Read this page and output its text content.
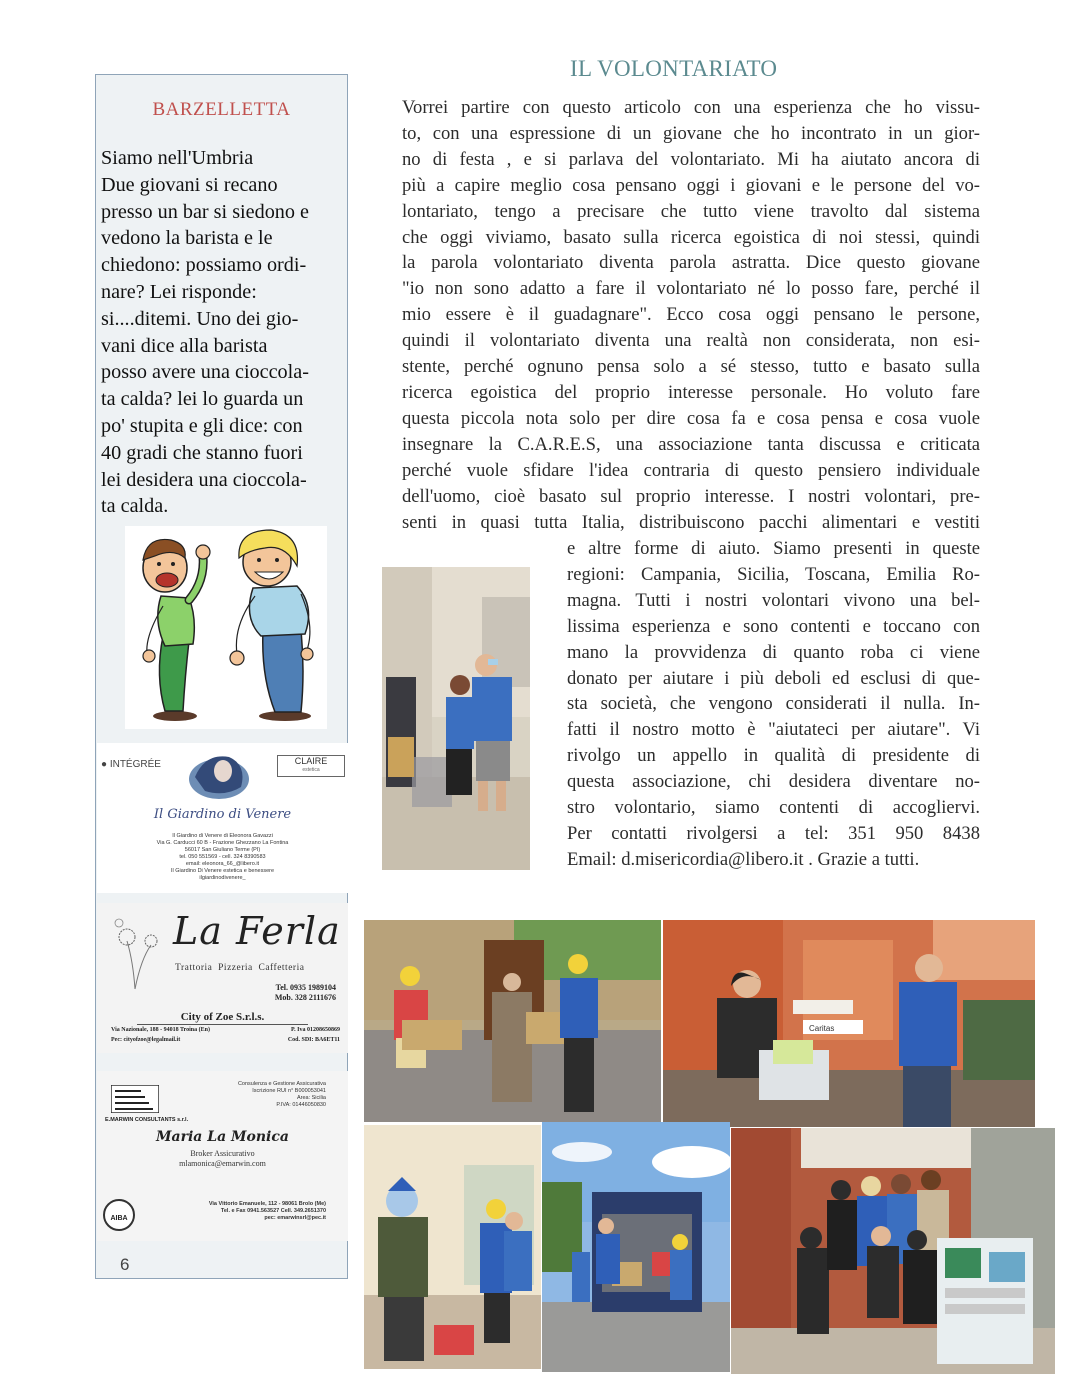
BARZELLETTA
Siamo nell'Umbria
Due giovani si recano
presso un bar si siedono e
vedono la barista e le
chiedono: possiamo ordi-
nare? Lei risponde:
si....ditemi. Uno dei gio-
vani dice alla barista
posso avere una cioccola-
ta calda? lei lo guarda un
po' stupita e gli dice: con
40 gradi che stanno fuori
lei desidera una cioccola-
ta calda.
● INTÉGRÉE	CLAIRE
estetica
Il Giardino di Venere
Il Giardino di Venere di Eleonora Gavazzi
Via G. Carducci 60 B - Frazione Ghezzano La Fontina
56017 San Giuliano Terme (PI)
tel. 050 551569 - cell. 324 8390583
email: eleonora_66_@libero.it
Il Giardino Di Venere estetica e benessere
ilgiardinodivenere_
La Ferla
Trattoria  Pizzeria  Caffetteria
Tel. 0935 1989104
Mob. 328 2111676
City of Zoe S.r.l.s.
Via Nazionale, 188 - 94018 Troina (En)	P. Iva 01208650869
Pec: cityofzoe@legalmail.it	Cod. SDI: BA6ET11
E.MARWIN CONSULTANTS s.r.l.
Consulenza e Gestione Assicurativa
Iscrizione RUI n° B000053041
Area: Sicilia
P.IVA: 01446050830
Maria La Monica
Broker Assicurativo
mlamonica@emarwin.com
AIBA
Via Vittorio Emanuele, 112 - 98061 Brolo (Me)
Tel. e Fax 0941.563527 Cell. 349.2651370
pec: emarwinsrl@pec.it
6
IL VOLONTARIATO
Vorrei partire con questo articolo con una esperienza che ho vissu-
to, con una espressione di un giovane che ho incontrato in un gior-
no di festa , e si parlava del volontariato. Mi ha aiutato ancora di
più a capire meglio cosa pensano oggi i giovani e le persone del vo-
lontariato, tengo a precisare che tutto viene travolto dal sistema
che oggi viviamo, basato sulla ricerca egoistica di noi stessi, quindi
la parola volontariato diventa parola astratta. Dice questo giovane
"io non sono adatto a fare il volontariato né lo posso fare, perché il
mio essere è il guadagnare". Ecco cosa oggi pensano le persone,
quindi il volontariato diventa una realtà non considerata, non esi-
stente, perché ognuno pensa solo a sé stesso, tutto e basato sulla
ricerca egoistica del proprio interesse personale. Ho voluto fare
questa piccola nota solo per dire cosa fa e cosa pensa e cosa vuole
insegnare la C.A.R.E.S, una associazione tanta discussa e criticata
perché vuole sfidare l'idea contraria di questo pensiero individuale
dell'uomo, cioè basato sul proprio interesse. I nostri volontari, pre-
senti in quasi tutta Italia, distribuiscono pacchi alimentari e vestiti
e altre forme di aiuto. Siamo presenti in queste
regioni: Campania, Sicilia, Toscana, Emilia Ro-
magna. Tutti i nostri volontari vivono una bel-
lissima esperienza e sono contenti e toccano con
mano la provvidenza di quanto roba ci viene
donato per aiutare i più deboli ed esclusi di que-
sta società, che vengono considerati il nulla. In-
fatti il nostro motto è "aiutateci per aiutare". Vi
rivolgo un appello in qualità di presidente di
questa associazione, chi desidera diventare no-
stro volontario, siamo contenti di accogliervi.
Per contatti rivolgersi a tel: 351 950 8438
Email: d.misericordia@libero.it . Grazie a tutti.
Caritas
